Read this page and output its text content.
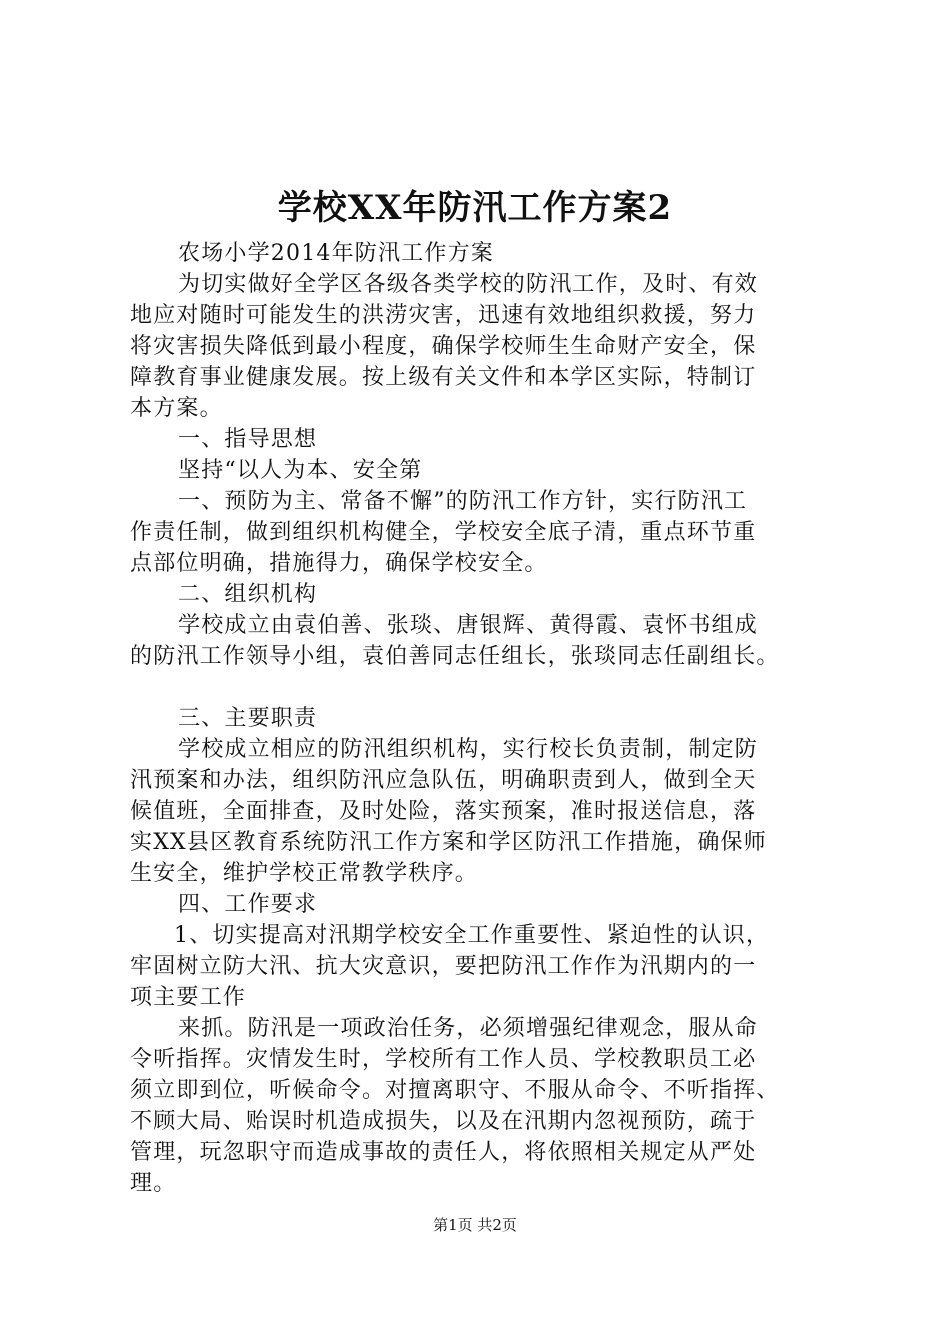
学校XX年防汛工作方案2
农场小学2014年防汛工作方案
为切实做好全学区各级各类学校的防汛工作，及时、有效
地应对随时可能发生的洪涝灾害，迅速有效地组织救援，努力
将灾害损失降低到最小程度，确保学校师生生命财产安全，保
障教育事业健康发展。按上级有关文件和本学区实际，特制订
本方案。
一、指导思想
坚持“以人为本、安全第
一、预防为主、常备不懈”的防汛工作方针，实行防汛工
作责任制，做到组织机构健全，学校安全底子清，重点环节重
点部位明确，措施得力，确保学校安全。
二、组织机构
学校成立由袁伯善、张琰、唐银辉、黄得霞、袁怀书组成
的防汛工作领导小组，袁伯善同志任组长，张琰同志任副组长。
三、主要职责
学校成立相应的防汛组织机构，实行校长负责制，制定防
汛预案和办法，组织防汛应急队伍，明确职责到人，做到全天
候值班，全面排查，及时处险，落实预案，准时报送信息，落
实XX县区教育系统防汛工作方案和学区防汛工作措施，确保师
生安全，维护学校正常教学秩序。
四、工作要求
1、切实提高对汛期学校安全工作重要性、紧迫性的认识，
牢固树立防大汛、抗大灾意识，要把防汛工作作为汛期内的一
项主要工作
来抓。防汛是一项政治任务，必须增强纪律观念，服从命
令听指挥。灾情发生时，学校所有工作人员、学校教职员工必
须立即到位，听候命令。对擅离职守、不服从命令、不听指挥、
不顾大局、贻误时机造成损失，以及在汛期内忽视预防，疏于
管理，玩忽职守而造成事故的责任人，将依照相关规定从严处
理。
第1页 共2页
